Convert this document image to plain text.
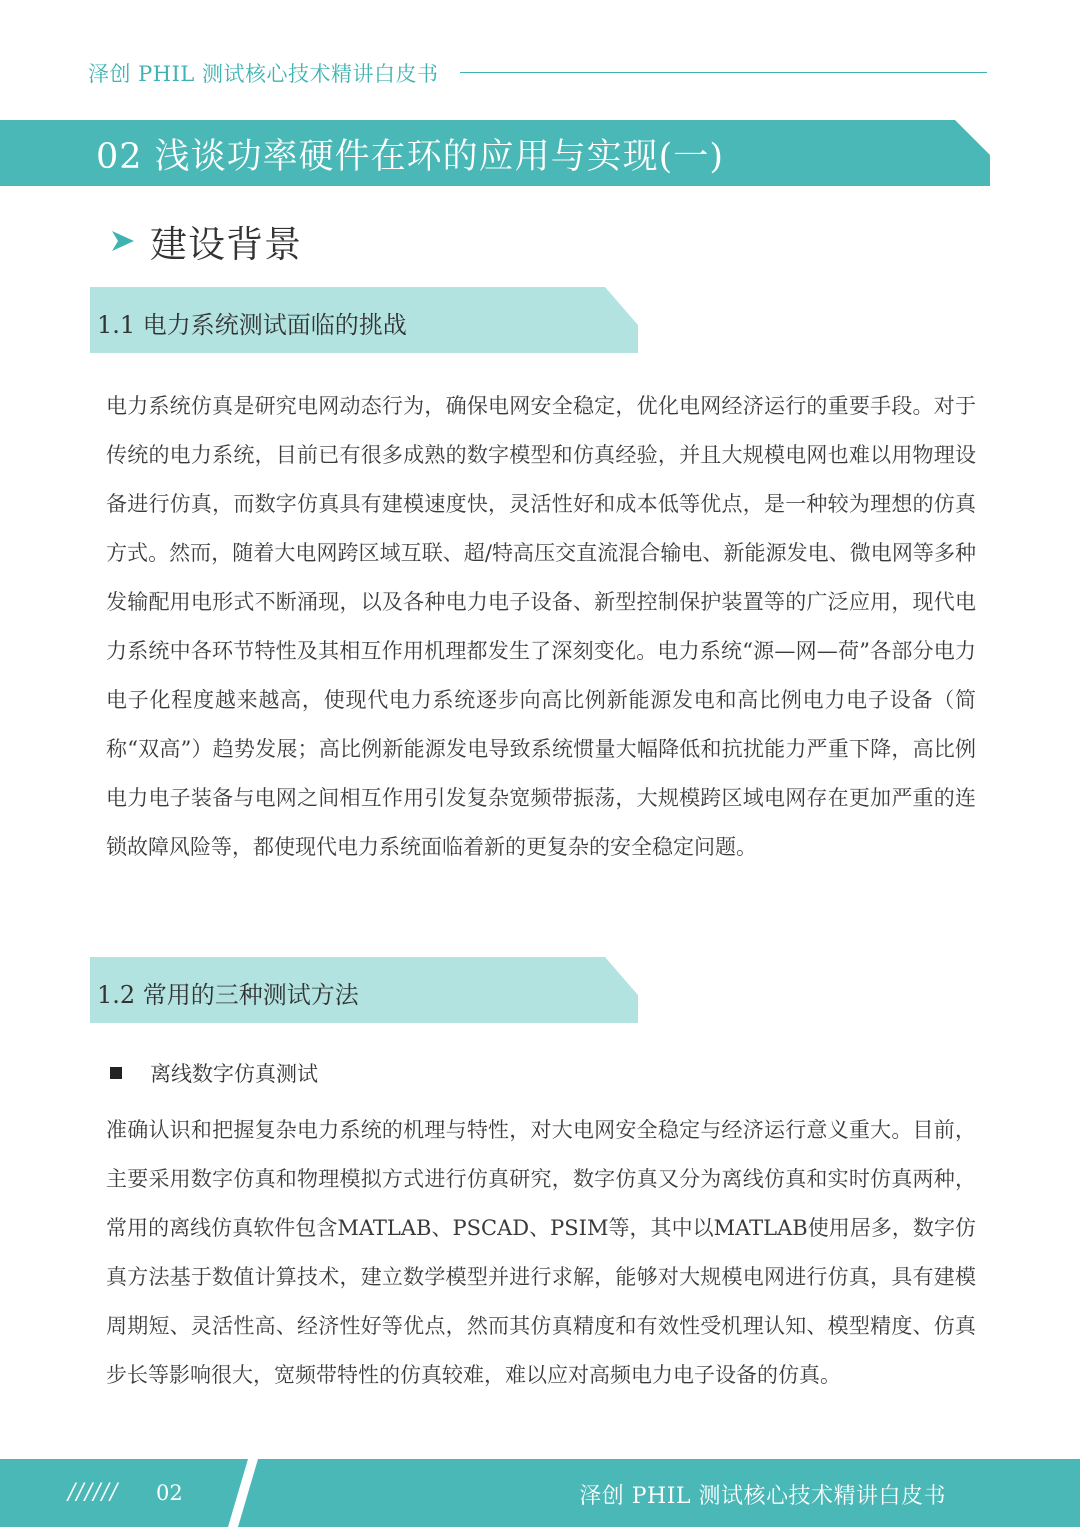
泽创 PHIL 测试核心技术精讲白皮书
02 浅谈功率硬件在环的应用与实现(一)
建设背景
1.1 电力系统测试面临的挑战

电力系统仿真是研究电网动态行为，确保电网安全稳定，优化电网经济运行的重要手段。对于传统的电力系统，目前已有很多成熟的数字模型和仿真经验，并且大规模电网也难以用物理设备进行仿真，而数字仿真具有建模速度快，灵活性好和成本低等优点，是一种较为理想的仿真方式。然而，随着大电网跨区域互联、超/特高压交直流混合输电、新能源发电、微电网等多种发输配用电形式不断涌现，以及各种电力电子设备、新型控制保护装置等的广泛应用，现代电力系统中各环节特性及其相互作用机理都发生了深刻变化。电力系统“源—网—荷”各部分电力电子化程度越来越高，使现代电力系统逐步向高比例新能源发电和高比例电力电子设备（简称“双高”）趋势发展；高比例新能源发电导致系统惯量大幅降低和抗扰能力严重下降，高比例电力电子装备与电网之间相互作用引发复杂宽频带振荡，大规模跨区域电网存在更加严重的连锁故障风险等，都使现代电力系统面临着新的更复杂的安全稳定问题。

1.2 常用的三种测试方法
离线数字仿真测试

准确认识和把握复杂电力系统的机理与特性，对大电网安全稳定与经济运行意义重大。目前，主要采用数字仿真和物理模拟方式进行仿真研究，数字仿真又分为离线仿真和实时仿真两种，常用的离线仿真软件包含MATLAB、PSCAD、PSIM等，其中以MATLAB使用居多，数字仿真方法基于数值计算技术，建立数学模型并进行求解，能够对大规模电网进行仿真，具有建模周期短、灵活性高、经济性好等优点，然而其仿真精度和有效性受机理认知、模型精度、仿真步长等影响很大，宽频带特性的仿真较难，难以应对高频电力电子设备的仿真。

////// 02	泽创 PHIL 测试核心技术精讲白皮书
